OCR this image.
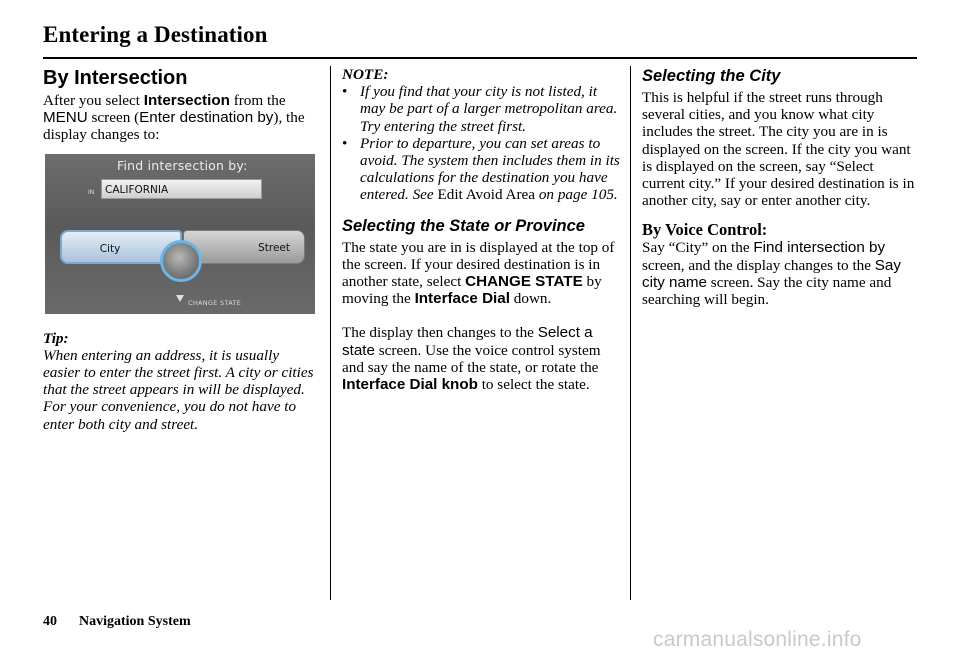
Entering a Destination
By Intersection

After you select Intersection from the MENU screen (Enter destination by), the display changes to:

Find intersection by:
IN	CALIFORNIA
City	Street
CHANGE STATE

Tip:

When entering an address, it is usually easier to enter the street first. A city or cities that the street appears in will be displayed. For your convenience, you do not have to enter both city and street.

NOTE:

• If you find that your city is not listed, it may be part of a larger metropolitan area. Try entering the street first.
• Prior to departure, you can set areas to avoid. The system then includes them in its calculations for the destination you have entered. See Edit Avoid Area on page 105.
Selecting the State or Province

The state you are in is displayed at the top of the screen. If your desired destination is in another state, select CHANGE STATE by moving the Interface Dial down.

The display then changes to the Select a state screen. Use the voice control system and say the name of the state, or rotate the Interface Dial knob to select the state.

Selecting the City

This is helpful if the street runs through several cities, and you know what city includes the street. The city you are in is displayed on the screen. If the city you want is displayed on the screen, say “Select current city.” If your desired destination is in another city, say or enter another city.

By Voice Control:

Say “City” on the Find intersection by screen, and the display changes to the Say city name screen. Say the city name and searching will begin.

40 Navigation System
carmanualsonline.info
